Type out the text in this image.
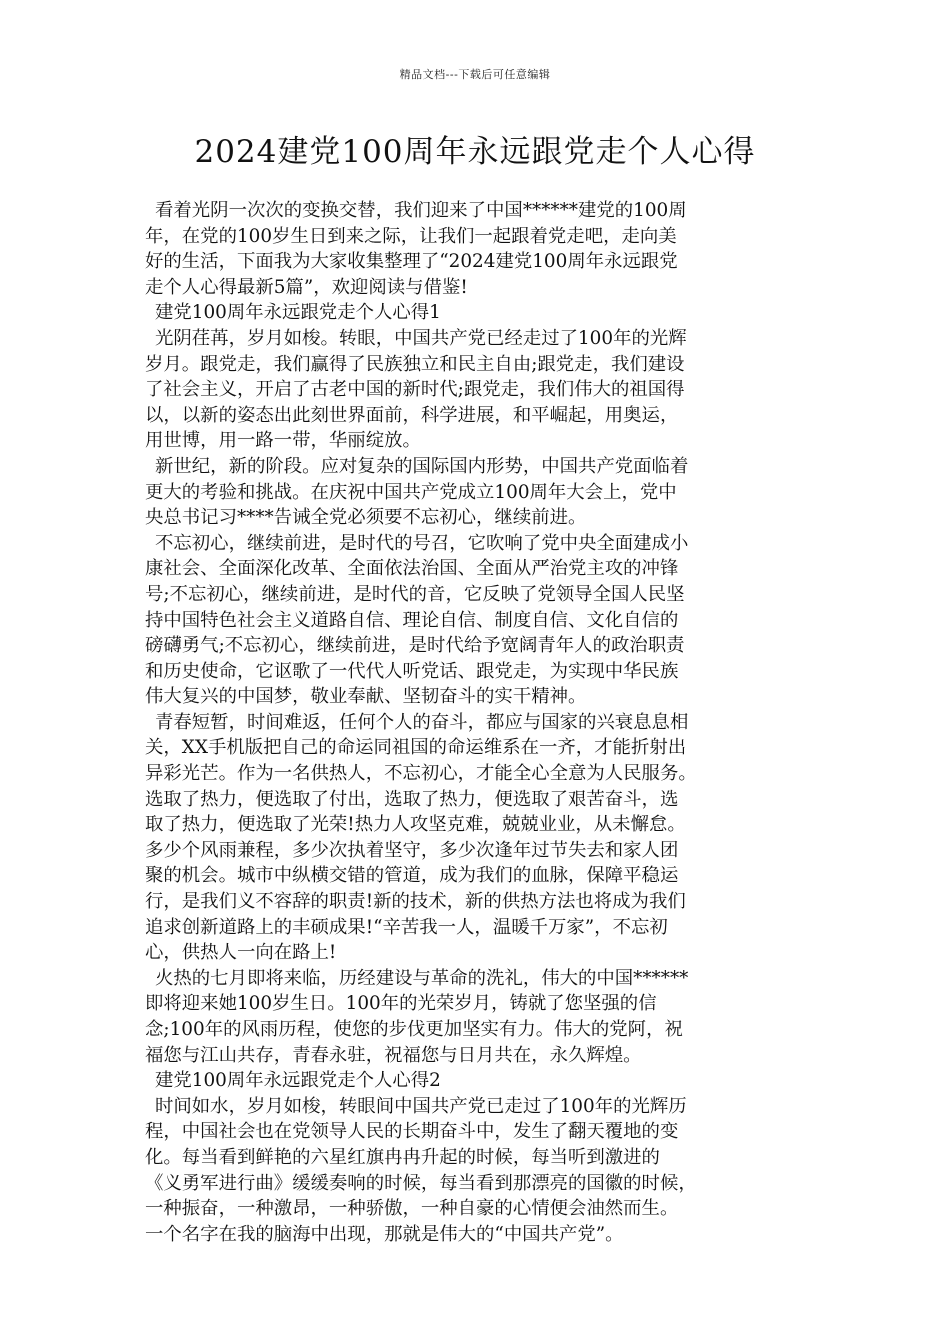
精品文档---下载后可任意编辑
2024建党100周年永远跟党走个人心得

看着光阴一次次的变换交替，我们迎来了中国******建党的100周
年，在党的100岁生日到来之际，让我们一起跟着党走吧，走向美
好的生活，下面我为大家收集整理了“2024建党100周年永远跟党
走个人心得最新5篇”，欢迎阅读与借鉴!

建党100周年永远跟党走个人心得1

光阴荏苒，岁月如梭。转眼，中国共产党已经走过了100年的光辉
岁月。跟党走，我们赢得了民族独立和民主自由;跟党走，我们建设
了社会主义，开启了古老中国的新时代;跟党走，我们伟大的祖国得
以，以新的姿态出此刻世界面前，科学进展，和平崛起，用奥运，
用世博，用一路一带，华丽绽放。

新世纪，新的阶段。应对复杂的国际国内形势，中国共产党面临着
更大的考验和挑战。在庆祝中国共产党成立100周年大会上，党中
央总书记习****告诫全党必须要不忘初心，继续前进。

不忘初心，继续前进，是时代的号召，它吹响了党中央全面建成小
康社会、全面深化改革、全面依法治国、全面从严治党主攻的冲锋
号;不忘初心，继续前进，是时代的音，它反映了党领导全国人民坚
持中国特色社会主义道路自信、理论自信、制度自信、文化自信的
磅礴勇气;不忘初心，继续前进，是时代给予宽阔青年人的政治职责
和历史使命，它讴歌了一代代人听党话、跟党走，为实现中华民族
伟大复兴的中国梦，敬业奉献、坚韧奋斗的实干精神。

青春短暂，时间难返，任何个人的奋斗，都应与国家的兴衰息息相
关，XX手机版把自己的命运同祖国的命运维系在一齐，才能折射出
异彩光芒。作为一名供热人，不忘初心，才能全心全意为人民服务。
选取了热力，便选取了付出，选取了热力，便选取了艰苦奋斗，选
取了热力，便选取了光荣!热力人攻坚克难，兢兢业业，从未懈怠。
多少个风雨兼程，多少次执着坚守，多少次逢年过节失去和家人团
聚的机会。城市中纵横交错的管道，成为我们的血脉，保障平稳运
行，是我们义不容辞的职责!新的技术，新的供热方法也将成为我们
追求创新道路上的丰硕成果!“辛苦我一人，温暖千万家”，不忘初
心，供热人一向在路上!

火热的七月即将来临，历经建设与革命的洗礼，伟大的中国******
即将迎来她100岁生日。100年的光荣岁月，铸就了您坚强的信
念;100年的风雨历程，使您的步伐更加坚实有力。伟大的党阿，祝
福您与江山共存，青春永驻，祝福您与日月共在，永久辉煌。

建党100周年永远跟党走个人心得2

时间如水，岁月如梭，转眼间中国共产党已走过了100年的光辉历
程，中国社会也在党领导人民的长期奋斗中，发生了翻天覆地的变
化。每当看到鲜艳的六星红旗冉冉升起的时候，每当听到激进的
《义勇军进行曲》缓缓奏响的时候，每当看到那漂亮的国徽的时候，
一种振奋，一种激昂，一种骄傲，一种自豪的心情便会油然而生。
一个名字在我的脑海中出现，那就是伟大的“中国共产党”。
